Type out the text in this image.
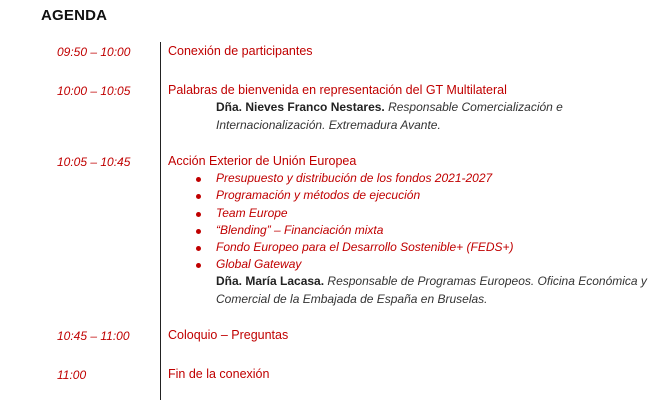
AGENDA
09:50 – 10:00	Conexión de participantes
10:00 – 10:05	Palabras de bienvenida en representación del GT Multilateral
Dña. Nieves Franco Nestares. Responsable Comercialización e
Internacionalización. Extremadura Avante.
10:05 – 10:45	Acción Exterior de Unión Europea
Presupuesto y distribución de los fondos 2021-2027
Programación y métodos de ejecución
Team Europe
“Blending” – Financiación mixta
Fondo Europeo para el Desarrollo Sostenible+ (FEDS+)
Global Gateway
Dña. María Lacasa. Responsable de Programas Europeos. Oficina Económica y
Comercial de la Embajada de España en Bruselas.
10:45 – 11:00	Coloquio – Preguntas
11:00	Fin de la conexión
